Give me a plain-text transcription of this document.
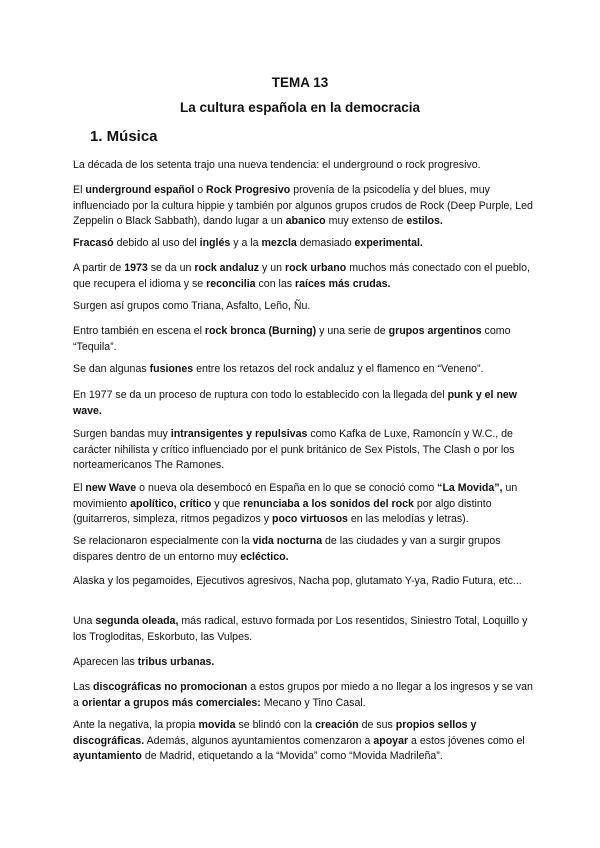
TEMA 13
La cultura española en la democracia
1. Música

La década de los setenta trajo una nueva tendencia: el underground o rock progresivo.

El underground español o Rock Progresivo provenía de la psicodelia y del blues, muy influenciado por la cultura hippie y también por algunos grupos crudos de Rock (Deep Purple, Led Zeppelin o Black Sabbath), dando lugar a un abanico muy extenso de estilos.

Fracasó debido al uso del inglés y a la mezcla demasiado experimental.

A partir de 1973 se da un rock andaluz y un rock urbano muchos más conectado con el pueblo, que recupera el idioma y se reconcilia con las raíces más crudas.

Surgen así grupos como Triana, Asfalto, Leño, Ñu.

Entro también en escena el rock bronca (Burning) y una serie de grupos argentinos como “Tequila”.

Se dan algunas fusiones entre los retazos del rock andaluz y el flamenco en “Veneno”.

En 1977 se da un proceso de ruptura con todo lo establecido con la llegada del punk y el new wave.

Surgen bandas muy intransigentes y repulsivas como Kafka de Luxe, Ramoncín y W.C., de carácter nihilista y crítico influenciado por el punk británico de Sex Pistols, The Clash o por los norteamericanos The Ramones.

El new Wave o nueva ola desembocó en España en lo que se conoció como “La Movida”, un movimiento apolítico, crítico y que renunciaba a los sonidos del rock por algo distinto (guitarreros, simpleza, ritmos pegadizos y poco virtuosos en las melodías y letras).

Se relacionaron especialmente con la vida nocturna de las ciudades y van a surgir grupos dispares dentro de un entorno muy ecléctico.

Alaska y los pegamoides, Ejecutivos agresivos, Nacha pop, glutamato Y-ya, Radio Futura, etc...

Una segunda oleada, más radical, estuvo formada por Los resentidos, Siniestro Total, Loquillo y los Trogloditas, Eskorbuto, las Vulpes.

Aparecen las tribus urbanas.

Las discográficas no promocionan a estos grupos por miedo a no llegar a los ingresos y se van a orientar a grupos más comerciales: Mecano y Tino Casal.

Ante la negativa, la propia movida se blindó con la creación de sus propios sellos y discográficas. Además, algunos ayuntamientos comenzaron a apoyar a estos jóvenes como el ayuntamiento de Madrid, etiquetando a la “Movida” como “Movida Madrileña”.
